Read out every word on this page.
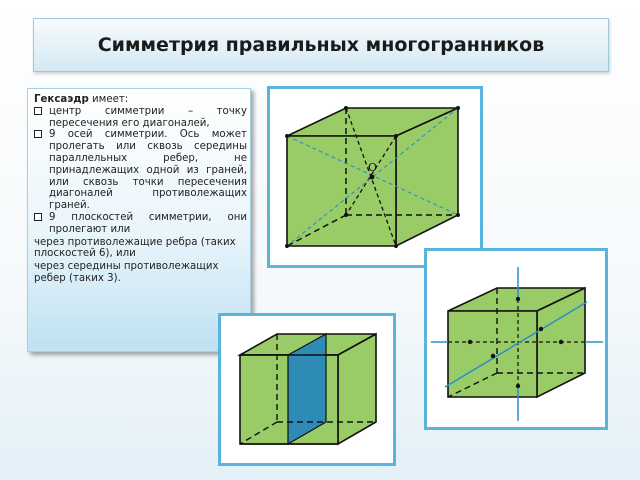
Симметрия правильных многогранников
Гексаэдр имеет:
центр симметрии – точку пересечения его диагоналей,
9 осей симметрии. Ось может пролегать или сквозь середины параллельных ребер, не принадлежащих одной из граней, или сквозь точки пересечения диагоналей противолежащих граней.
9 плоскостей симметрии, они пролегают или
через противолежащие ребра (таких плоскостей 6), или
через середины противолежащих ребер (таких 3).
O
